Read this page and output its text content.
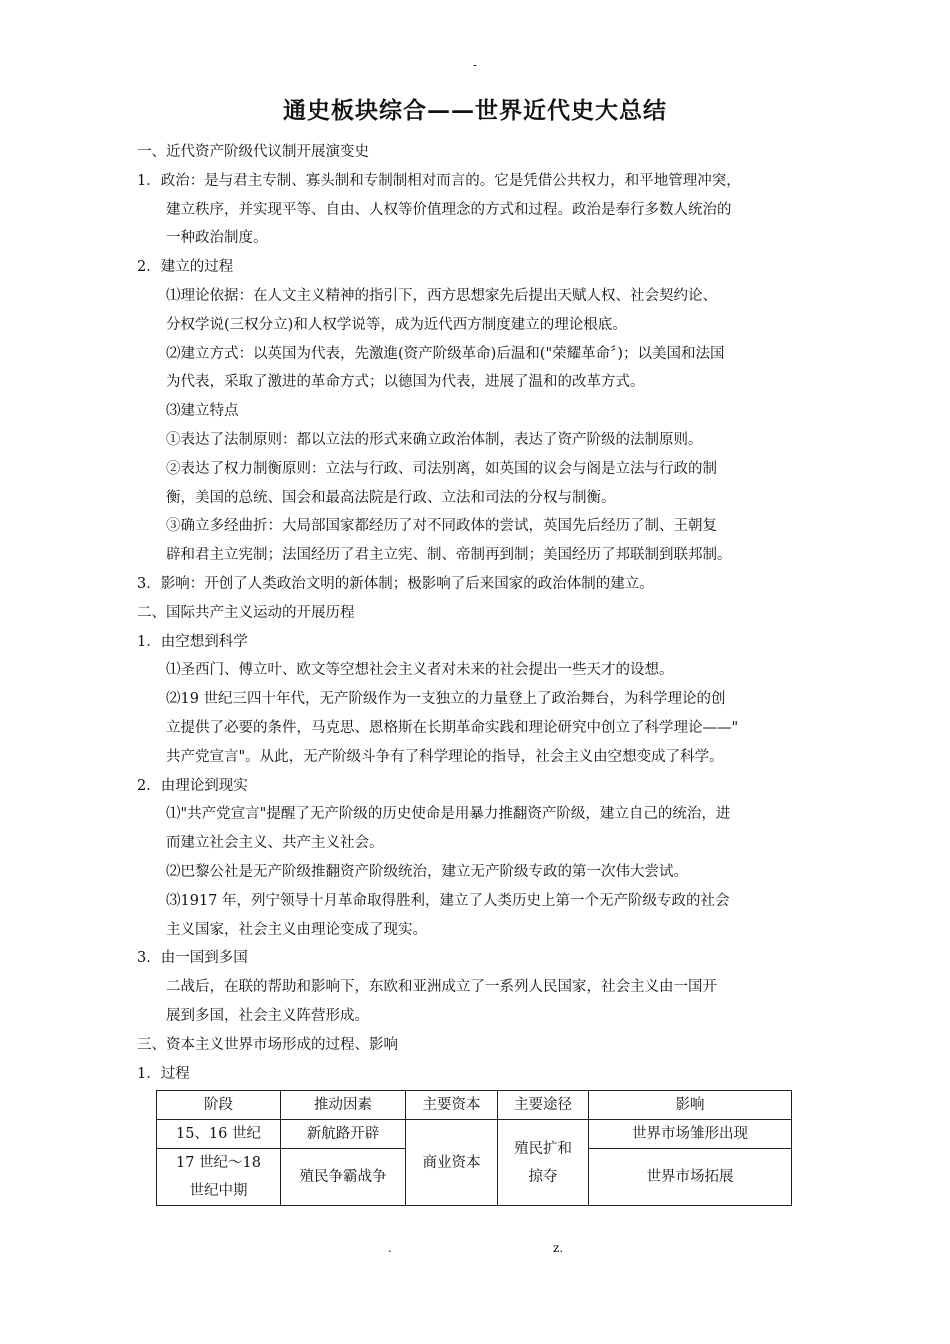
-
通史板块综合——世界近代史大总结
一、近代资产阶级代议制开展演变史
1．政治：是与君主专制、寡头制和专制制相对而言的。它是凭借公共权力，和平地管理冲突，
建立秩序，并实现平等、自由、人权等价值理念的方式和过程。政治是奉行多数人统治的
一种政治制度。
2．建立的过程
⑴理论依据：在人文主义精神的指引下，西方思想家先后提出天赋人权、社会契约论、
分权学说(三权分立)和人权学说等，成为近代西方制度建立的理论根底。
⑵建立方式：以英国为代表，先激進(资产阶级革命)后温和("荣耀革命〞)；以美国和法国
为代表，采取了激进的革命方式；以德国为代表，进展了温和的改革方式。
⑶建立特点
①表达了法制原则：都以立法的形式来确立政治体制，表达了资产阶级的法制原则。
②表达了权力制衡原则：立法与行政、司法别离，如英国的议会与阁是立法与行政的制
衡，美国的总统、国会和最高法院是行政、立法和司法的分权与制衡。
③确立多经曲折：大局部国家都经历了对不同政体的尝试，英国先后经历了制、王朝复
辟和君主立宪制；法国经历了君主立宪、制、帝制再到制；美国经历了邦联制到联邦制。
3．影响：开创了人类政治文明的新体制；极影响了后来国家的政治体制的建立。
二、国际共产主义运动的开展历程
1．由空想到科学
⑴圣西门、傅立叶、欧文等空想社会主义者对未来的社会提出一些天才的设想。
⑵19 世纪三四十年代，无产阶级作为一支独立的力量登上了政治舞台，为科学理论的创
立提供了必要的条件，马克思、恩格斯在长期革命实践和理论研究中创立了科学理论——"
共产党宣言"。从此，无产阶级斗争有了科学理论的指导，社会主义由空想变成了科学。
2．由理论到现实
⑴"共产党宣言"提醒了无产阶级的历史使命是用暴力推翻资产阶级，建立自己的统治，进
而建立社会主义、共产主义社会。
⑵巴黎公社是无产阶级推翻资产阶级统治，建立无产阶级专政的第一次伟大尝试。
⑶1917 年，列宁领导十月革命取得胜利，建立了人类历史上第一个无产阶级专政的社会
主义国家，社会主义由理论变成了现实。
3．由一国到多国
二战后，在联的帮助和影响下，东欧和亚洲成立了一系列人民国家，社会主义由一国开
展到多国，社会主义阵营形成。
三、资本主义世界市场形成的过程、影响
1．过程
阶段	推动因素	主要资本	主要途径	影响
15、16 世纪	新航路开辟	商业资本	殖民扩和掠夺	世界市场雏形出现
17 世纪～18 世纪中期	殖民争霸战争			世界市场拓展
.	z.
